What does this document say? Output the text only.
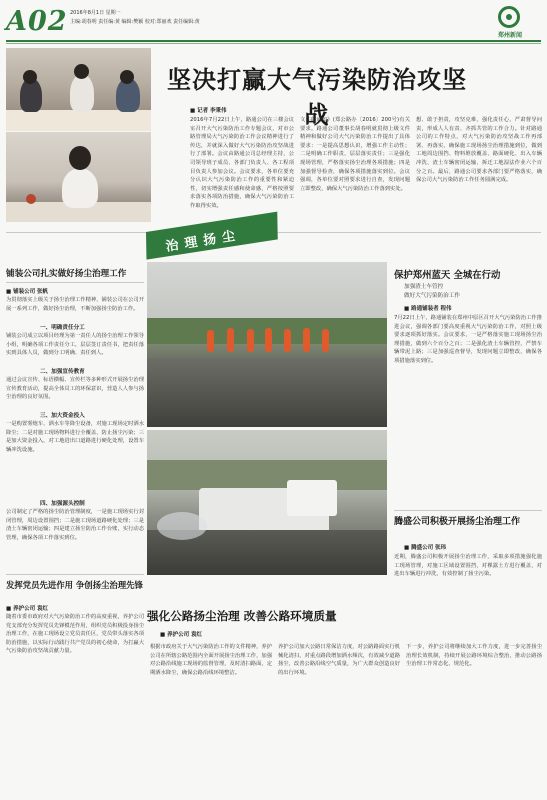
A02 2016年8月1日 星期一
主编:胡春明 责任编:黄 编辑:樊颖 校对:郑丽欢 责任编辑:黄
郑州新闻
坚决打赢大气污染防治攻坚战
■ 记者 李秉伟
2016年7月22日上午，路通公司在三楼会议室召开大气污染防治工作专题会议，对市公路管理局大气污染防治工作会议精神进行了传达，并就深入做好大气污染防治攻坚战进行了部署。会议由路通公司总经理主持，公司领导班子成员、各部门负责人、各工程项目负责人参加会议。会议要求，各单位要充分认识大气污染防治工作的重要性和紧迫性，切实增强责任感和使命感，严格按照要求落实各项防治措施，确保大气污染防治工作取得实效。
文件的通知》(郑公路办〔2016〕200号)有关要求。路通公司董事长胡春明就贯彻上级文件精神和做好公司大气污染防治工作提出了具体要求：一是提高思想认识，增强工作主动性；二是明确工作职责，层层落实责任；三是强化现场管理，严格落实扬尘治理各项措施；四是加强督导检查，确保各项措施落实到位。会议强调，各单位要对照要求进行自查，发现问题立即整改，确保大气污染防治工作落到实处。
想、敢于担责，攻坚克难，强化责任心，严肃督导问责，形成人人有责、齐抓共管的工作合力。针对路通公司的工作特点，对大气污染防治攻坚战工作再部署、再落实，确保施工现场扬尘治理措施到位，做到工地周边围挡、物料堆放覆盖、路面硬化、出入车辆冲洗、渣土车辆密闭运输、拆迁工地湿法作业六个百分之百。最后，路通公司要求各部门要严格落实，确保公司大气污染防治工作任务圆满完成。
治理扬尘
铺装公司扎实做好扬尘治理工作
■ 铺装公司 张帆
为贯彻落实上级关于扬尘治理工作精神，铺装公司在公司开展一系列工作，做好扬尘治理，不断加强扬尘防治工作。
一、明确责任分工
铺装公司成立以项目经理为第一责任人的扬尘治理工作领导小组，明确各项工作责任分工，层层签订责任书，把责任落实到具体人员，做到分工明确、责任到人。
二、加强宣传教育
通过会议宣传、标语横幅、宣传栏等多种形式开展扬尘治理宣传教育活动，提高全体员工的环保意识，营造人人参与扬尘治理的良好氛围。
三、加大资金投入
一是购置雾炮车、洒水车等降尘设备，对施工现场定时洒水降尘；二是对施工现场物料进行全覆盖，防止扬尘污染；三是加大资金投入，对工地进出口道路进行硬化处理，设置车辆冲洗设施。
四、加强源头控制
公司制定了严格的扬尘防治管理制度，一是施工现场实行封闭管理，周边设置围挡；二是施工现场道路硬化处理；三是渣土车辆密闭运输；四是建立扬尘防治工作台账，实行动态管理，确保各项工作落实到位。
发挥党员先进作用 争创扬尘治理先锋
■ 养护公司 袁红
随着市委市政府对大气污染防治工作的高度重视，养护公司党支部充分发挥党员先锋模范作用，组织党员积极投身扬尘治理工作，在施工现场设立党员责任区，党员带头落实各项防治措施，以实际行动践行共产党员的初心使命，为打赢大气污染防治攻坚战贡献力量。
保护郑州蓝天 全城在行动
加强渣土车管控
做好大气污染防治工作
■ 路通铺装者 程伟
7月22日上午，路通铺装在郑州中原区召开大气污染防治工作推进会议，强调各部门要高度重视大气污染防治工作，对照上级要求逐项抓好落实。会议要求，一是严格落实施工现场扬尘治理措施，做到六个百分之百；二是强化渣土车辆管控，严禁车辆带泥上路；三是加强巡查督导，发现问题立即整改，确保各项措施落实到位。
腾盛公司积极开展扬尘治理工作
■ 腾盛公司 张玮
近期，腾盛公司积极开展扬尘治理工作，采取多项措施强化施工现场管理，对施工区域设置围挡，对裸露土方进行覆盖，对进出车辆进行冲洗，有效控制了扬尘污染。
强化公路扬尘治理 改善公路环境质量
■ 养护公司 袁红
根据市政府关于大气污染防治工作的文件精神，养护公司在所辖公路范围内全面开展扬尘治理工作，加强对公路沿线施工现场的监督管理，及时清扫路面，定期洒水降尘，确保公路沿线环境整洁。
养护公司加大公路日常保洁力度，对公路路面实行机械化清扫，对重点路段增加洒水频次，有效减少道路扬尘，改善公路沿线空气质量，为广大群众创造良好的出行环境。
下一步，养护公司将继续加大工作力度，进一步完善扬尘治理长效机制，持续开展公路环境综合整治，推动公路扬尘治理工作常态化、规范化。
